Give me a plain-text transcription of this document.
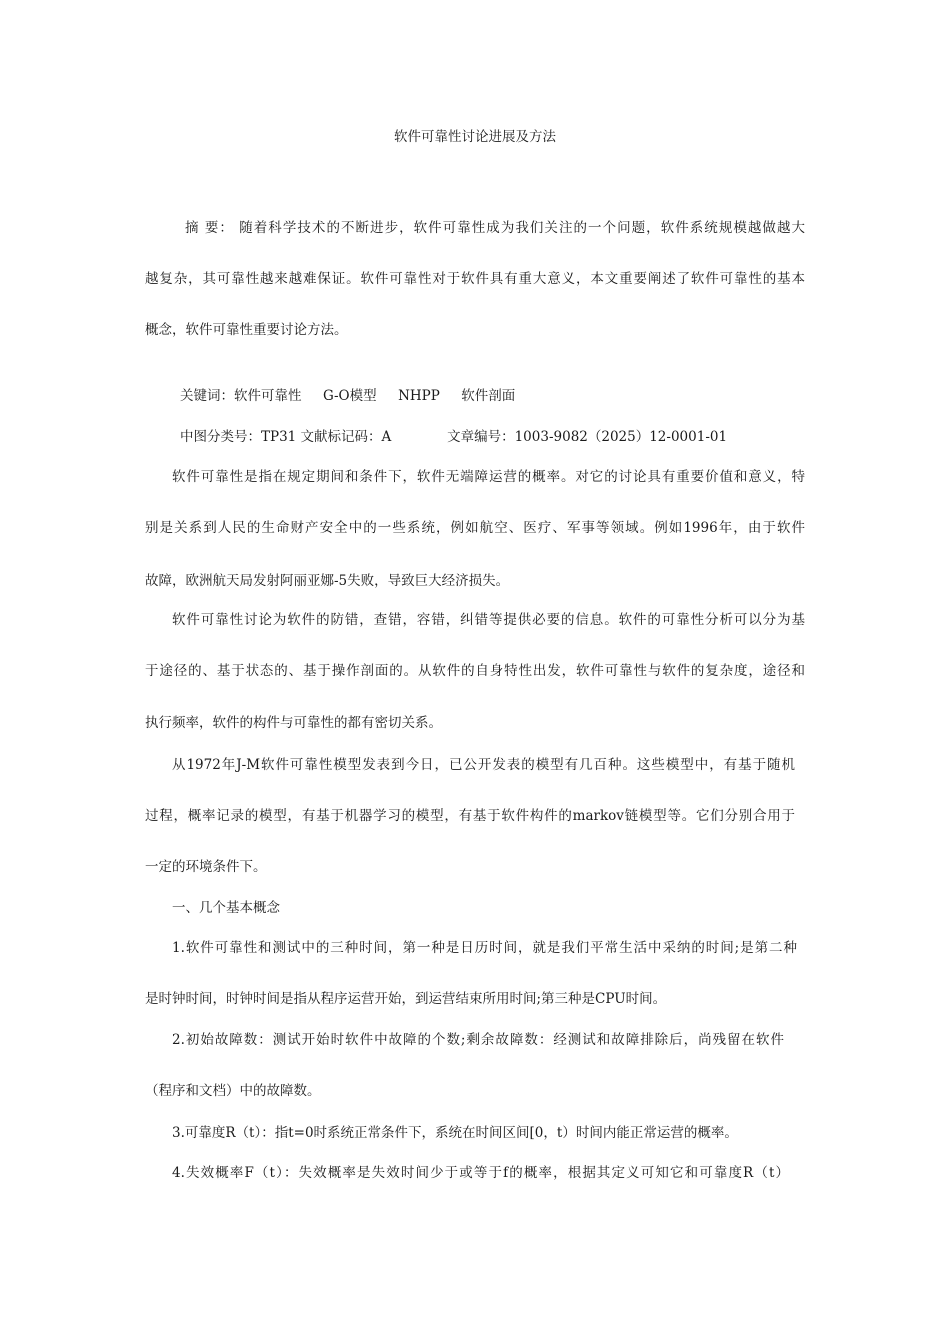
软件可靠性讨论进展及方法
摘 要： 随着科学技术的不断进步，软件可靠性成为我们关注的一个问题，软件系统规模越做越大
越复杂，其可靠性越来越难保证。软件可靠性对于软件具有重大意义，本文重要阐述了软件可靠性的基本
概念，软件可靠性重要讨论方法。
关键词：软件可靠性     G-O模型     NHPP     软件剖面
中图分类号：TP31 文献标记码：A             文章编号：1003-9082（2025）12-0001-01
软件可靠性是指在规定期间和条件下，软件无端障运营的概率。对它的讨论具有重要价值和意义，特
别是关系到人民的生命财产安全中的一些系统，例如航空、医疗、军事等领域。例如1996年，由于软件
故障，欧洲航天局发射阿丽亚娜-5失败，导致巨大经济损失。
软件可靠性讨论为软件的防错，查错，容错，纠错等提供必要的信息。软件的可靠性分析可以分为基
于途径的、基于状态的、基于操作剖面的。从软件的自身特性出发，软件可靠性与软件的复杂度，途径和
执行频率，软件的构件与可靠性的都有密切关系。
从1972年J-M软件可靠性模型发表到今日，已公开发表的模型有几百种。这些模型中，有基于随机
过程，概率记录的模型，有基于机器学习的模型，有基于软件构件的markov链模型等。它们分别合用于
一定的环境条件下。
一、几个基本概念
1.软件可靠性和测试中的三种时间，第一种是日历时间，就是我们平常生活中采纳的时间;是第二种
是时钟时间，时钟时间是指从程序运营开始，到运营结束所用时间;第三种是CPU时间。
2.初始故障数：测试开始时软件中故障的个数;剩余故障数：经测试和故障排除后，尚残留在软件
（程序和文档）中的故障数。
3.可靠度R（t）：指t=0时系统正常条件下，系统在时间区间[0，t）时间内能正常运营的概率。
4.失效概率F（t）：失效概率是失效时间少于或等于f的概率，根据其定义可知它和可靠度R（t）
